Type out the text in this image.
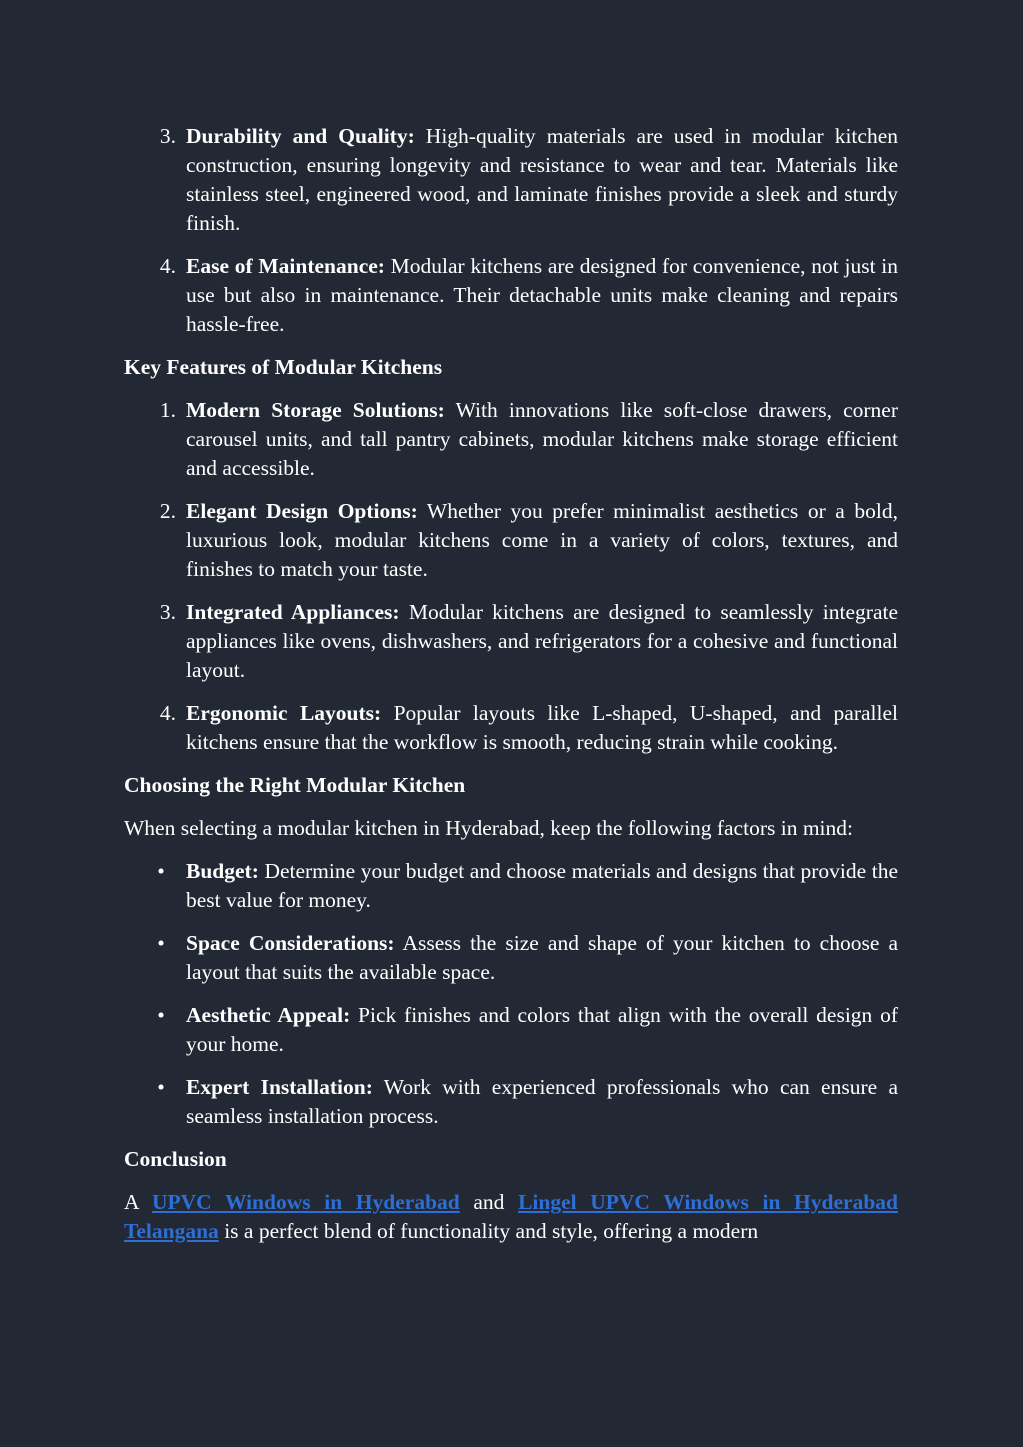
3. Durability and Quality: High-quality materials are used in modular kitchen construction, ensuring longevity and resistance to wear and tear. Materials like stainless steel, engineered wood, and laminate finishes provide a sleek and sturdy finish.
4. Ease of Maintenance: Modular kitchens are designed for convenience, not just in use but also in maintenance. Their detachable units make cleaning and repairs hassle-free.
Key Features of Modular Kitchens
1. Modern Storage Solutions: With innovations like soft-close drawers, corner carousel units, and tall pantry cabinets, modular kitchens make storage efficient and accessible.
2. Elegant Design Options: Whether you prefer minimalist aesthetics or a bold, luxurious look, modular kitchens come in a variety of colors, textures, and finishes to match your taste.
3. Integrated Appliances: Modular kitchens are designed to seamlessly integrate appliances like ovens, dishwashers, and refrigerators for a cohesive and functional layout.
4. Ergonomic Layouts: Popular layouts like L-shaped, U-shaped, and parallel kitchens ensure that the workflow is smooth, reducing strain while cooking.
Choosing the Right Modular Kitchen

When selecting a modular kitchen in Hyderabad, keep the following factors in mind:

• Budget: Determine your budget and choose materials and designs that provide the best value for money.
• Space Considerations: Assess the size and shape of your kitchen to choose a layout that suits the available space.
• Aesthetic Appeal: Pick finishes and colors that align with the overall design of your home.
• Expert Installation: Work with experienced professionals who can ensure a seamless installation process.
Conclusion

A UPVC Windows in Hyderabad and Lingel UPVC Windows in Hyderabad Telangana is a perfect blend of functionality and style, offering a modern
